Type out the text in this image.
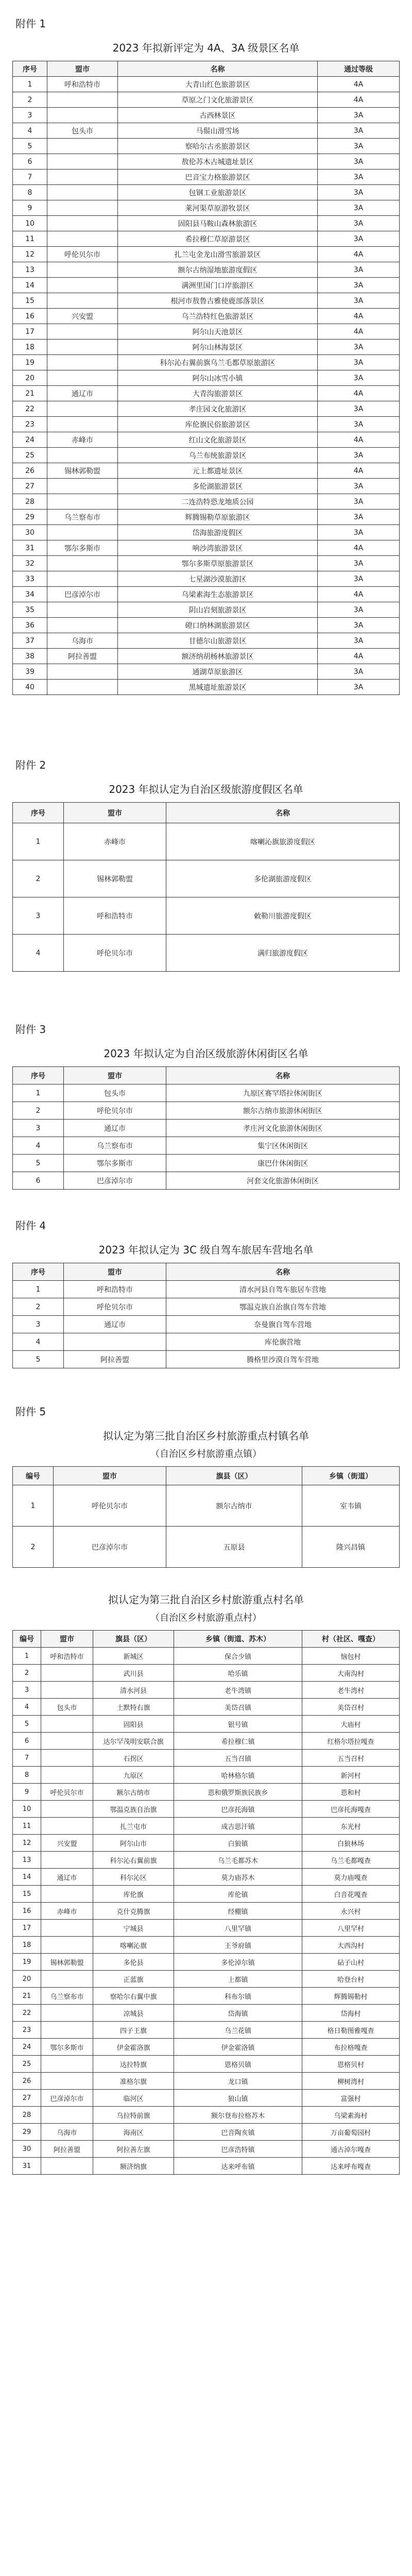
附件 1
2023 年拟新评定为 4A、3A 级景区名单
序号	盟市	名称	通过等级
1	呼和浩特市	大青山红色旅游景区	4A
2		草原之门文化旅游景区	4A
3		古西林景区	3A
4	包头市	马鬃山滑雪场	3A
5		察哈尔古丞旅游景区	3A
6		敖伦苏木古城遗址景区	3A
7		巴音宝力格旅游景区	3A
8		包钢工业旅游景区	3A
9		莱河渠草原游牧景区	3A
10		固阳县马鞍山森林旅游区	3A
11		希拉穆仁草原游景区	3A
12	呼伦贝尔市	扎兰屯金龙山滑雪旅游景区	4A
13		额尔古纳湿地旅游度假区	3A
14		满洲里国门口岸旅游区	3A
15		根河市敖鲁古雅使鹿部落景区	3A
16	兴安盟	乌兰浩特红色旅游景区	4A
17		阿尔山天池景区	4A
18		阿尔山林海景区	3A
19		科尔沁右翼前旗乌兰毛都草原旅游区	3A
20		阿尔山冰雪小镇	3A
21	通辽市	大青沟旅游景区	4A
22		孝庄园文化旅游区	3A
23		库伦旗民俗旅游景区	3A
24	赤峰市	红山文化旅游景区	4A
25		乌兰布统旅游景区	3A
26	锡林郭勒盟	元上都遗址景区	4A
27		多伦湖旅游景区	3A
28		二连浩特恐龙地质公园	3A
29	乌兰察布市	辉腾锡勒草原旅游区	3A
30		岱海旅游度假区	3A
31	鄂尔多斯市	响沙湾旅游景区	4A
32		鄂尔多斯草原旅游景区	3A
33		七星湖沙漠旅游区	3A
34	巴彦淖尔市	乌梁素海生态旅游景区	4A
35		阴山岩刻旅游景区	3A
36		磴口纳林湖旅游景区	3A
37	乌海市	甘德尔山旅游景区	3A
38	阿拉善盟	额济纳胡杨林旅游景区	4A
39		通湖草原旅游区	3A
40		黑城遗址旅游景区	3A
附件 2
2023 年拟认定为自治区级旅游度假区名单
序号	盟市	名称
1	赤峰市	喀喇沁旗旅游度假区
2	锡林郭勒盟	多伦湖旅游度假区
3	呼和浩特市	敕勒川旅游度假区
4	呼伦贝尔市	满归旅游度假区
附件 3
2023 年拟认定为自治区级旅游休闲街区名单
序号	盟市	名称
1	包头市	九原区赛罕塔拉休闲街区
2	呼伦贝尔市	额尔古纳市旅游休闲街区
3	通辽市	孝庄河文化旅游休闲街区
4	乌兰察布市	集宁区休闲街区
5	鄂尔多斯市	康巴什休闲街区
6	巴彦淖尔市	河套文化旅游休闲街区
附件 4
2023 年拟认定为 3C 级自驾车旅居车营地名单
序号	盟市	名称
1	呼和浩特市	清水河县自驾车旅居车营地
2	呼伦贝尔市	鄂温克族自治旗自驾车营地
3	通辽市	奈曼旗自驾车营地
4		库伦旗营地
5	阿拉善盟	腾格里沙漠自驾车营地
附件 5
拟认定为第三批自治区乡村旅游重点村镇名单
（自治区乡村旅游重点镇）
编号	盟市	旗县（区）	乡镇（街道）
1	呼伦贝尔市	额尔古纳市	室韦镇
2	巴彦淖尔市	五原县	隆兴昌镇
拟认定为第三批自治区乡村旅游重点村名单
（自治区乡村旅游重点村）
编号	盟市	旗县（区）	乡镇（街道、苏木）	村（社区、嘎查）
1	呼和浩特市	新城区	保合少镇	恼包村
2		武川县	哈乐镇	大南沟村
3		清水河县	老牛湾镇	老牛湾村
4	包头市	土默特右旗	美岱召镇	美岱召村
5		固阳县	银号镇	大庙村
6		达尔罕茂明安联合旗	希拉穆仁镇	红格尔塔拉嘎查
7		石拐区	五当召镇	五当召村
8		九原区	哈林格尔镇	新河村
9	呼伦贝尔市	额尔古纳市	恩和俄罗斯族民族乡	恩和村
10		鄂温克族自治旗	巴彦托海镇	巴彦托海嘎查
11		扎兰屯市	成吉思汗镇	东光村
12	兴安盟	阿尔山市	白狼镇	白狼林场
13		科尔沁右翼前旗	乌兰毛都苏木	乌兰毛都嘎查
14	通辽市	科尔沁区	莫力庙苏木	莫力庙嘎查
15		库伦旗	库伦镇	白音花嘎查
16	赤峰市	克什克腾旗	经棚镇	永兴村
17		宁城县	八里罕镇	八里罕村
18		喀喇沁旗	王爷府镇	大西沟村
19	锡林郭勒盟	多伦县	多伦淖尔镇	砧子山村
20		正蓝旗	上都镇	哈登台村
21	乌兰察布市	察哈尔右翼中旗	科布尔镇	辉腾锡勒村
22		凉城县	岱海镇	岱海村
23		四子王旗	乌兰花镇	格日勒图雅嘎查
24	鄂尔多斯市	伊金霍洛旗	伊金霍洛镇	布拉格嘎查
25		达拉特旗	恩格贝镇	恩格贝村
26		准格尔旗	龙口镇	柳树湾村
27	巴彦淖尔市	临河区	狼山镇	富强村
28		乌拉特前旗	额尔登布拉格苏木	乌梁素海村
29	乌海市	海南区	巴音陶亥镇	万亩葡萄园村
30	阿拉善盟	阿拉善左旗	巴彦浩特镇	通古淖尔嘎查
31		额济纳旗	达来呼布镇	达来呼布嘎查
